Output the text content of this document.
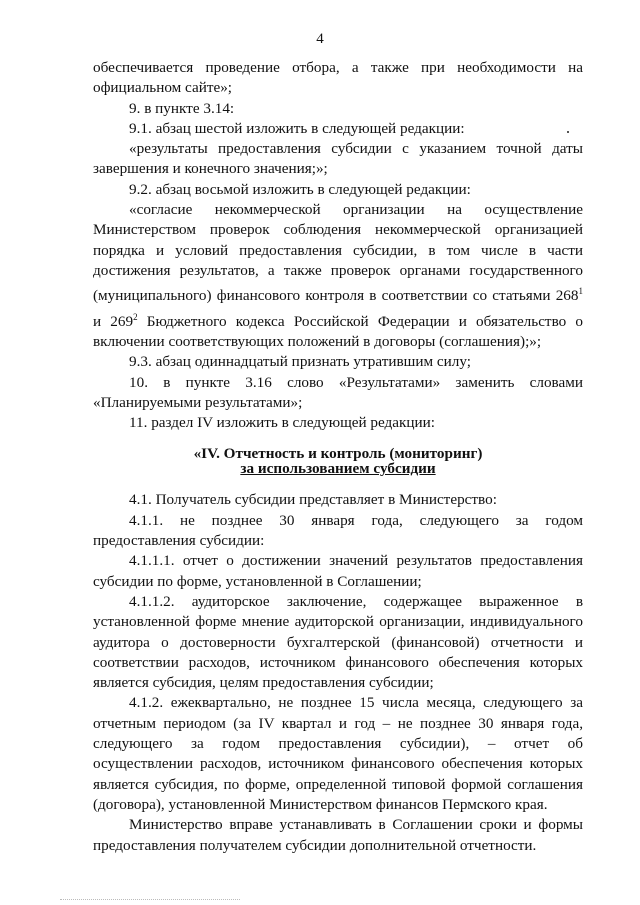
4

обеспечивается проведение отбора, а также при необходимости на официальном сайте»;

9. в пункте 3.14:

9.1. абзац шестой изложить в следующей редакции:

«результаты предоставления субсидии с указанием точной даты завершения и конечного значения;»;

9.2. абзац восьмой изложить в следующей редакции:

«согласие некоммерческой организации на осуществление Министерством проверок соблюдения некоммерческой организацией порядка и условий предоставления субсидии, в том числе в части достижения результатов, а также проверок органами государственного (муниципального) финансового контроля в соответствии со статьями $268^1$ и $269^2$ Бюджетного кодекса Российской Федерации и обязательство о включении соответствующих положений в договоры (соглашения);»;

9.3. абзац одиннадцатый признать утратившим силу;

10. в пункте 3.16 слово «Результатами» заменить словами «Планируемыми результатами»;

11. раздел IV изложить в следующей редакции:

«IV. Отчетность и контроль (мониторинг)
за использованием субсидии

4.1. Получатель субсидии представляет в Министерство:

4.1.1. не позднее 30 января года, следующего за годом предоставления субсидии:

4.1.1.1. отчет о достижении значений результатов предоставления субсидии по форме, установленной в Соглашении;

4.1.1.2. аудиторское заключение, содержащее выраженное в установленной форме мнение аудиторской организации, индивидуального аудитора о достоверности бухгалтерской (финансовой) отчетности и соответствии расходов, источником финансового обеспечения которых является субсидия, целям предоставления субсидии;

4.1.2. ежеквартально, не позднее 15 числа месяца, следующего за отчетным периодом (за IV квартал и год – не позднее 30 января года, следующего за годом предоставления субсидии), – отчет об осуществлении расходов, источником финансового обеспечения которых является субсидия, по форме, определенной типовой формой соглашения (договора), установленной Министерством финансов Пермского края.

Министерство вправе устанавливать в Соглашении сроки и формы предоставления получателем субсидии дополнительной отчетности.
